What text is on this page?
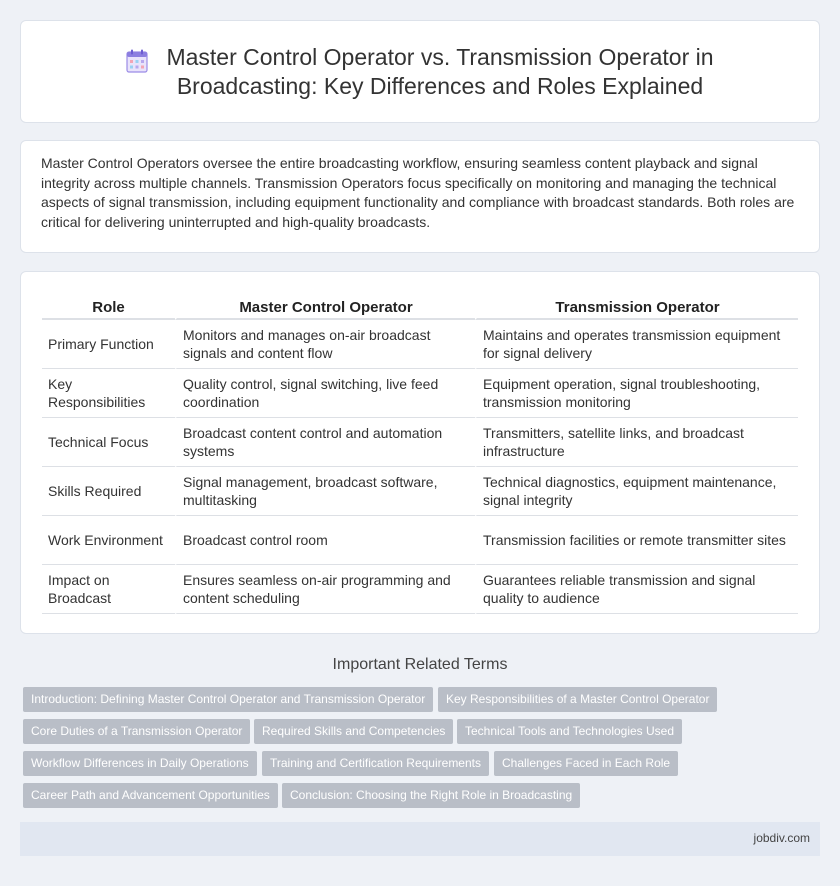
Master Control Operator vs. Transmission Operator in
Broadcasting: Key Differences and Roles Explained

Master Control Operators oversee the entire broadcasting workflow, ensuring seamless content playback and signal integrity across multiple channels. Transmission Operators focus specifically on monitoring and managing the technical aspects of signal transmission, including equipment functionality and compliance with broadcast standards. Both roles are critical for delivering uninterrupted and high-quality broadcasts.

Role	Master Control Operator	Transmission Operator
Primary Function	Monitors and manages on-air broadcast signals and content flow	Maintains and operates transmission equipment for signal delivery
Key Responsibilities	Quality control, signal switching, live feed coordination	Equipment operation, signal troubleshooting, transmission monitoring
Technical Focus	Broadcast content control and automation systems	Transmitters, satellite links, and broadcast infrastructure
Skills Required	Signal management, broadcast software, multitasking	Technical diagnostics, equipment maintenance, signal integrity
Work Environment	Broadcast control room	Transmission facilities or remote transmitter sites
Impact on Broadcast	Ensures seamless on-air programming and content scheduling	Guarantees reliable transmission and signal quality to audience
Important Related Terms
Introduction: Defining Master Control Operator and Transmission Operator	Key Responsibilities of a Master Control Operator
Core Duties of a Transmission Operator	Required Skills and Competencies	Technical Tools and Technologies Used
Workflow Differences in Daily Operations	Training and Certification Requirements	Challenges Faced in Each Role
Career Path and Advancement Opportunities	Conclusion: Choosing the Right Role in Broadcasting
jobdiv.com
